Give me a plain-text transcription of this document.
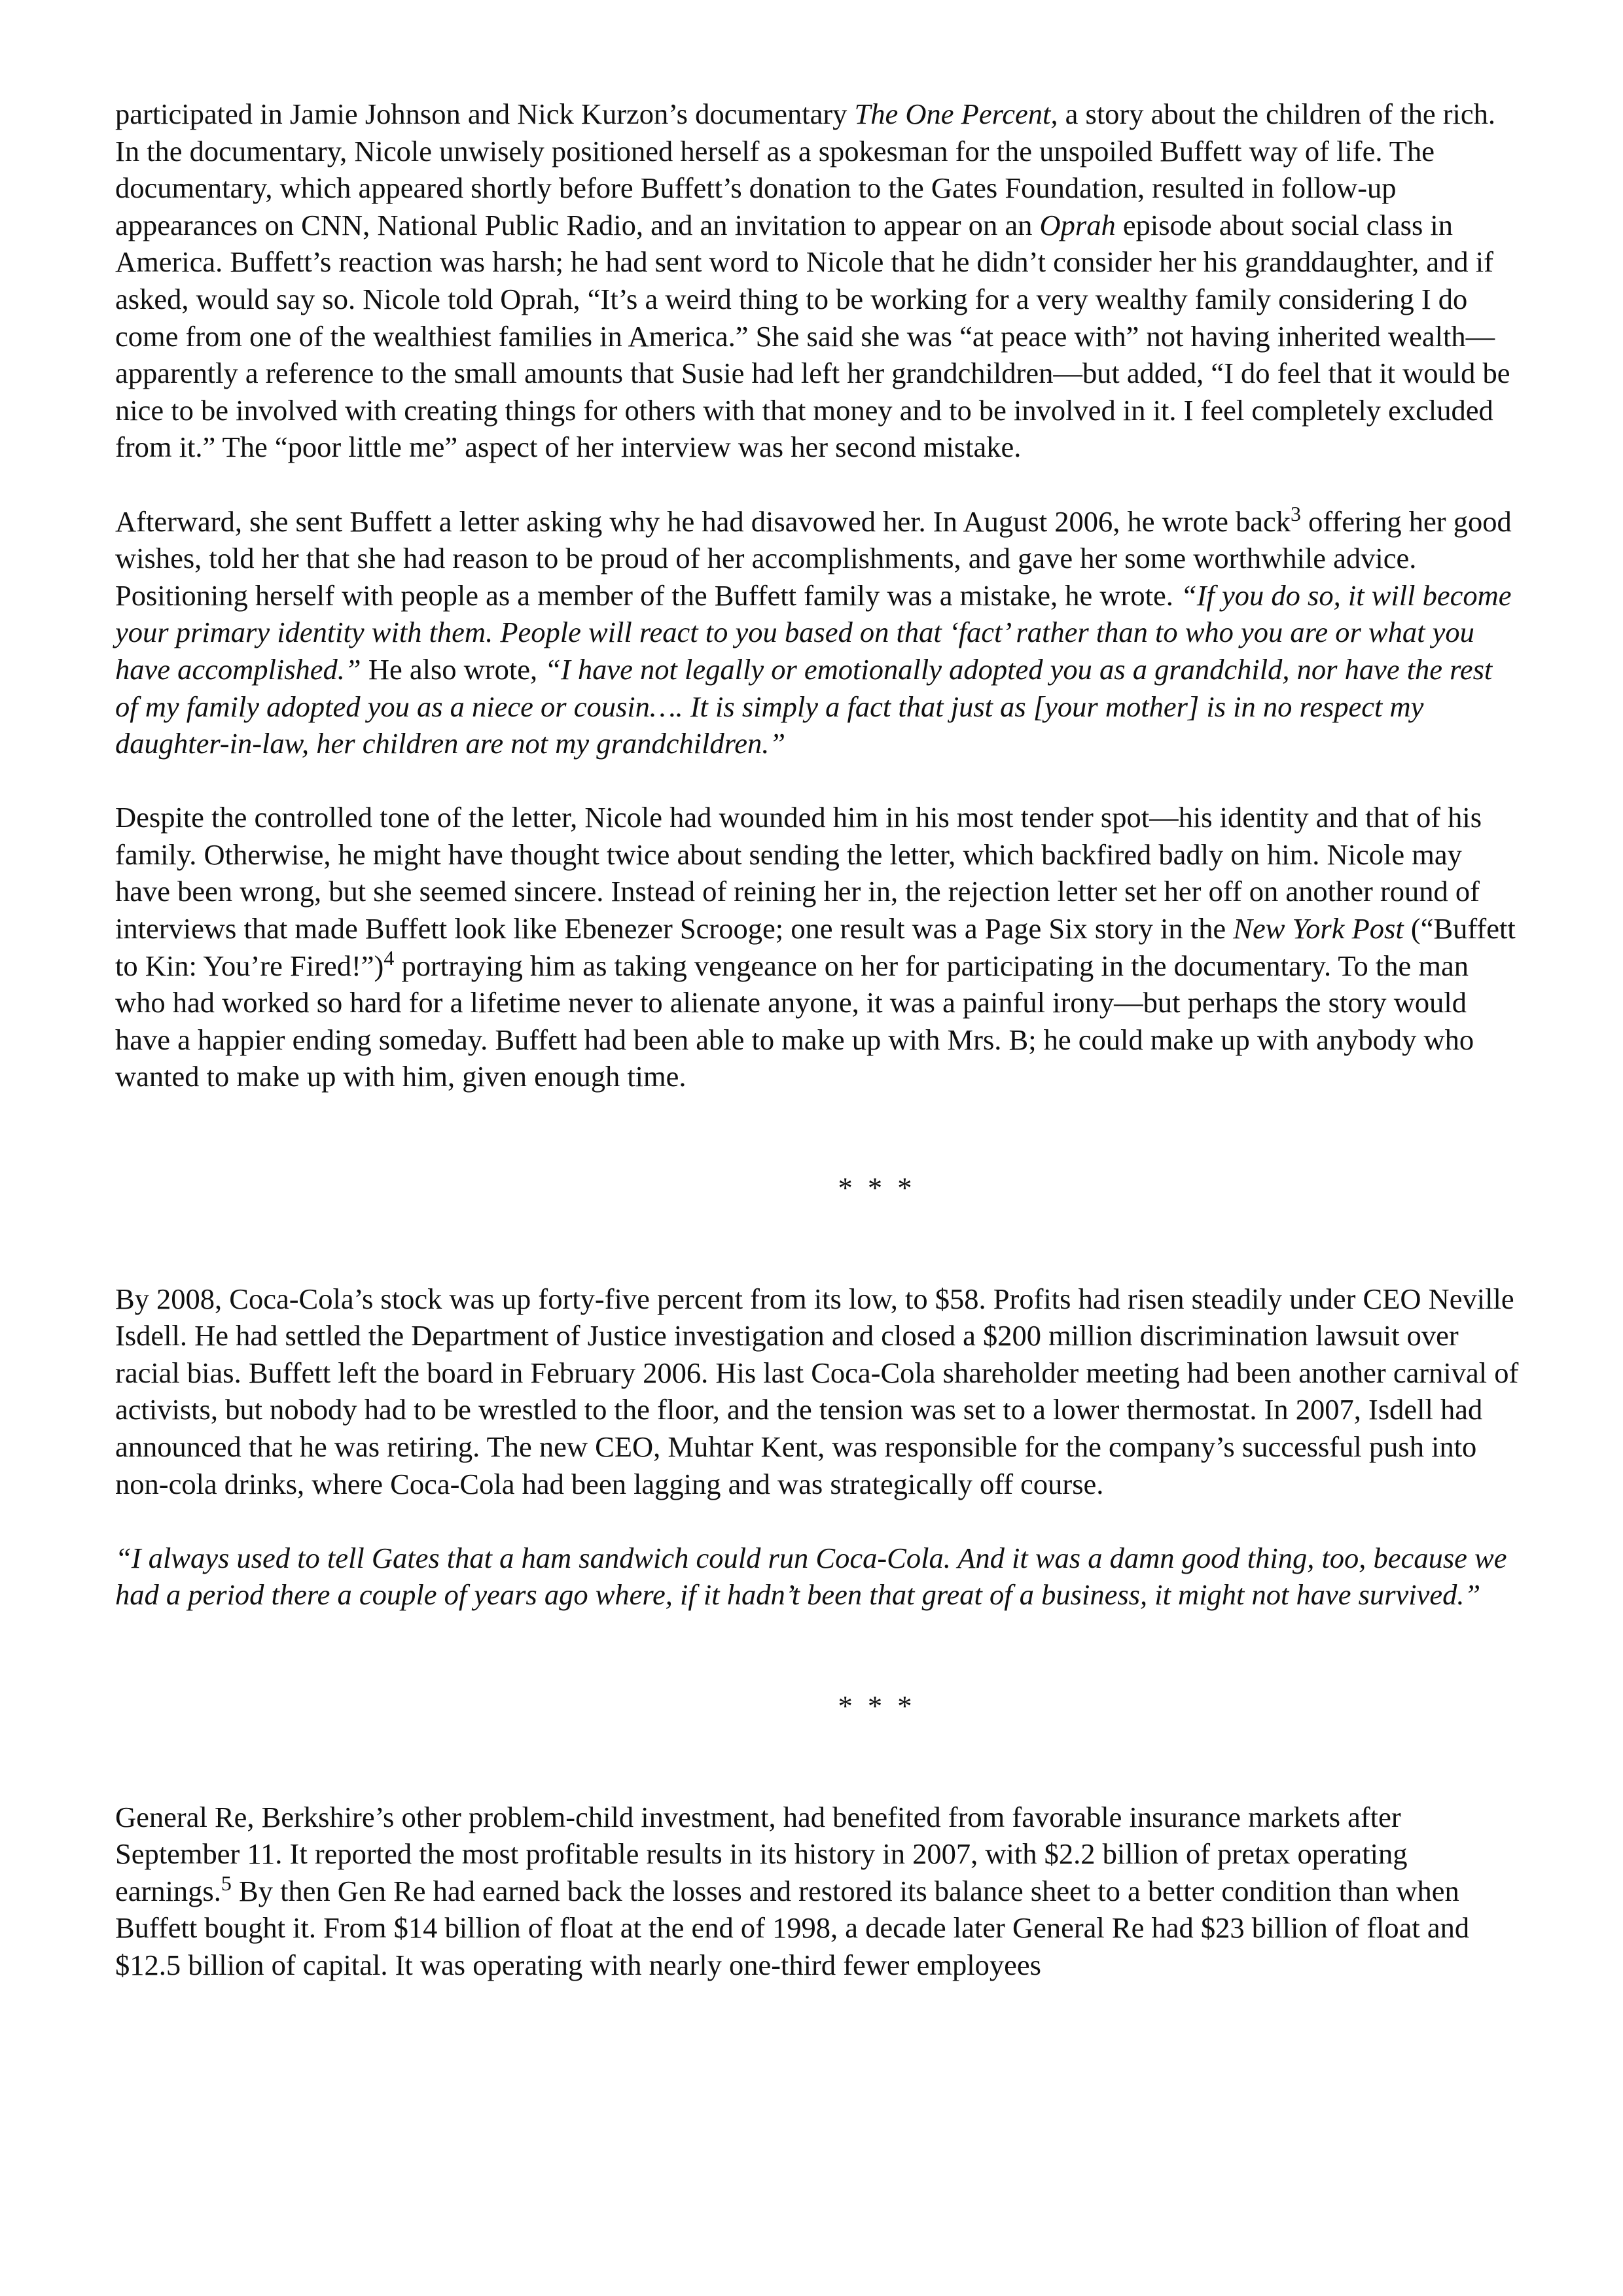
participated in Jamie Johnson and Nick Kurzon’s documentary The One Percent, a story about the children of the rich. In the documentary, Nicole unwisely positioned herself as a spokesman for the unspoiled Buffett way of life. The documentary, which appeared shortly before Buffett’s donation to the Gates Foundation, resulted in follow-up appearances on CNN, National Public Radio, and an invitation to appear on an Oprah episode about social class in America. Buffett’s reaction was harsh; he had sent word to Nicole that he didn’t consider her his granddaughter, and if asked, would say so. Nicole told Oprah, “It’s a weird thing to be working for a very wealthy family considering I do come from one of the wealthiest families in America.” She said she was “at peace with” not having inherited wealth—apparently a reference to the small amounts that Susie had left her grandchildren—but added, “I do feel that it would be nice to be involved with creating things for others with that money and to be involved in it. I feel completely excluded from it.” The “poor little me” aspect of her interview was her second mistake.

Afterward, she sent Buffett a letter asking why he had disavowed her. In August 2006, he wrote back$^3$ offering her good wishes, told her that she had reason to be proud of her accomplishments, and gave her some worthwhile advice. Positioning herself with people as a member of the Buffett family was a mistake, he wrote. “If you do so, it will become your primary identity with them. People will react to you based on that ‘fact’ rather than to who you are or what you have accomplished.” He also wrote, “I have not legally or emotionally adopted you as a grandchild, nor have the rest of my family adopted you as a niece or cousin…. It is simply a fact that just as [your mother] is in no respect my daughter-in-law, her children are not my grandchildren.”

Despite the controlled tone of the letter, Nicole had wounded him in his most tender spot—his identity and that of his family. Otherwise, he might have thought twice about sending the letter, which backfired badly on him. Nicole may have been wrong, but she seemed sincere. Instead of reining her in, the rejection letter set her off on another round of interviews that made Buffett look like Ebenezer Scrooge; one result was a Page Six story in the New York Post (“Buffett to Kin: You’re Fired!”)$^4$ portraying him as taking vengeance on her for participating in the documentary. To the man who had worked so hard for a lifetime never to alienate anyone, it was a painful irony—but perhaps the story would have a happier ending someday. Buffett had been able to make up with Mrs. B; he could make up with anybody who wanted to make up with him, given enough time.

* * *

By 2008, Coca-Cola’s stock was up forty-five percent from its low, to $58. Profits had risen steadily under CEO Neville Isdell. He had settled the Department of Justice investigation and closed a $200 million discrimination lawsuit over racial bias. Buffett left the board in February 2006. His last Coca-Cola shareholder meeting had been another carnival of activists, but nobody had to be wrestled to the floor, and the tension was set to a lower thermostat. In 2007, Isdell had announced that he was retiring. The new CEO, Muhtar Kent, was responsible for the company’s successful push into non-cola drinks, where Coca-Cola had been lagging and was strategically off course.

“I always used to tell Gates that a ham sandwich could run Coca-Cola. And it was a damn good thing, too, because we had a period there a couple of years ago where, if it hadn’t been that great of a business, it might not have survived.”

* * *

General Re, Berkshire’s other problem-child investment, had benefited from favorable insurance markets after September 11. It reported the most profitable results in its history in 2007, with $2.2 billion of pretax operating earnings.$^5$ By then Gen Re had earned back the losses and restored its balance sheet to a better condition than when Buffett bought it. From $14 billion of float at the end of 1998, a decade later General Re had $23 billion of float and $12.5 billion of capital. It was operating with nearly one-third fewer employees
